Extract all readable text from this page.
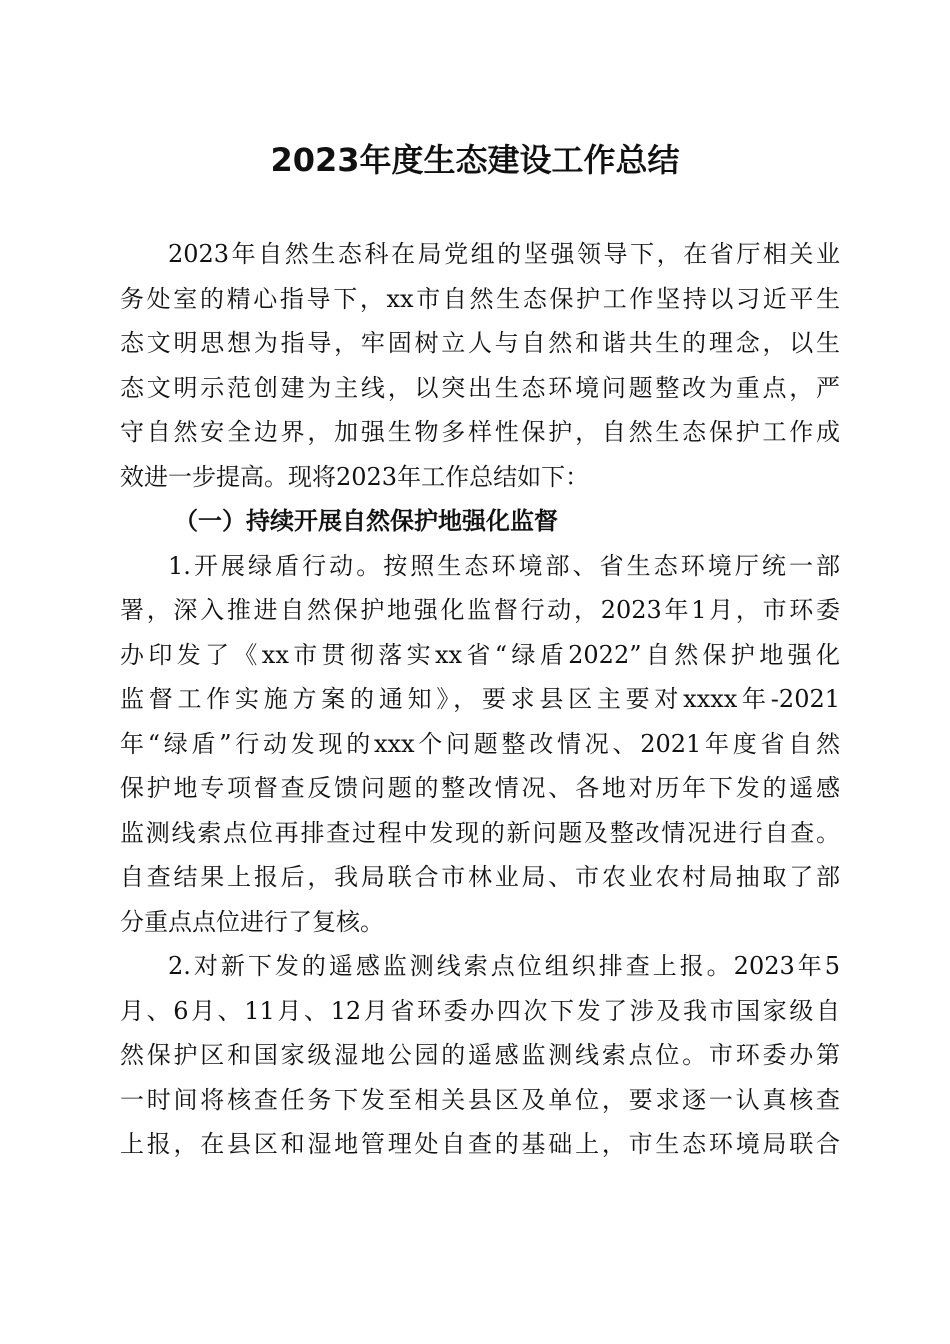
2023年度生态建设工作总结
2023年自然生态科在局党组的坚强领导下，在省厅相关业
务处室的精心指导下，xx市自然生态保护工作坚持以习近平生
态文明思想为指导，牢固树立人与自然和谐共生的理念，以生
态文明示范创建为主线，以突出生态环境问题整改为重点，严
守自然安全边界，加强生物多样性保护，自然生态保护工作成
效进一步提高。现将2023年工作总结如下：
（一）持续开展自然保护地强化监督
1.开展绿盾行动。按照生态环境部、省生态环境厅统一部
署，深入推进自然保护地强化监督行动，2023年1月，市环委
办印发了《xx市贯彻落实xx省“绿盾2022”自然保护地强化
监督工作实施方案的通知》，要求县区主要对xxxx年-2021
年“绿盾”行动发现的xxx个问题整改情况、2021年度省自然
保护地专项督查反馈问题的整改情况、各地对历年下发的遥感
监测线索点位再排查过程中发现的新问题及整改情况进行自查。
自查结果上报后，我局联合市林业局、市农业农村局抽取了部
分重点点位进行了复核。
2.对新下发的遥感监测线索点位组织排查上报。2023年5
月、6月、11月、12月省环委办四次下发了涉及我市国家级自
然保护区和国家级湿地公园的遥感监测线索点位。市环委办第
一时间将核查任务下发至相关县区及单位，要求逐一认真核查
上报，在县区和湿地管理处自查的基础上，市生态环境局联合
